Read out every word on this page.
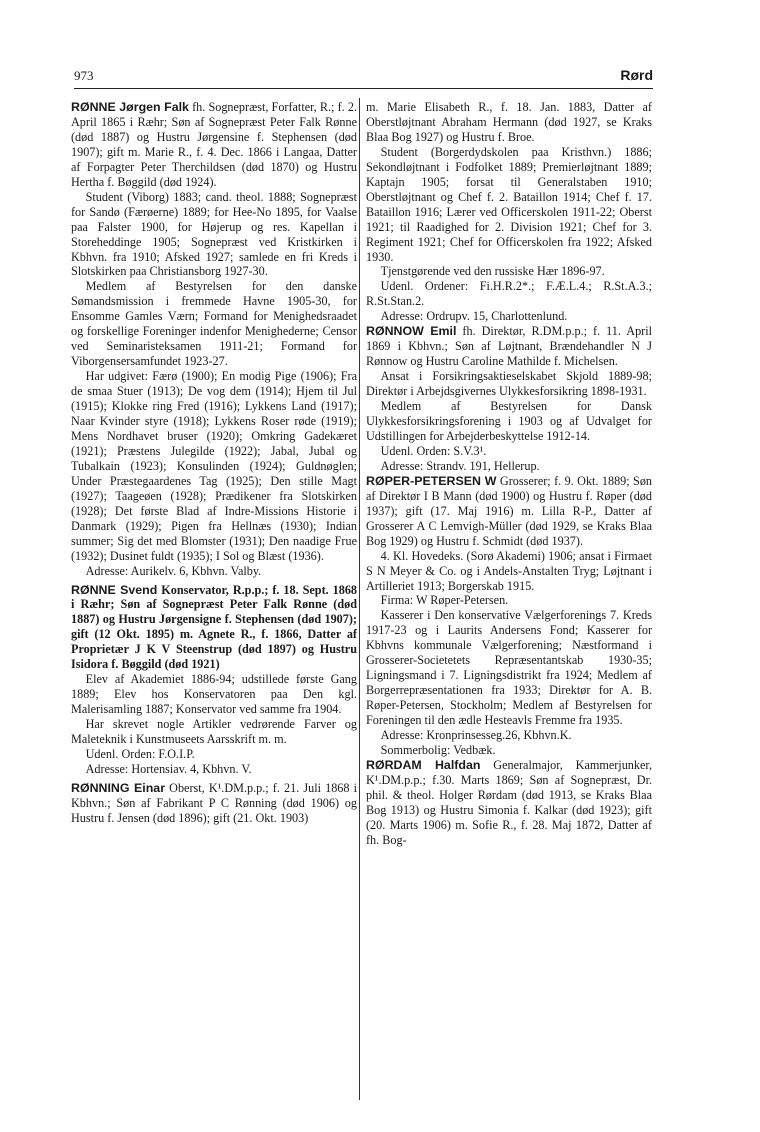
973	Rørd

RØNNE Jørgen Falk fh. Sognepræst, Forfatter, R.; f. 2. April 1865 i Ræhr; Søn af Sognepræst Peter Falk Rønne (død 1887) og Hustru Jørgensine f. Stephensen (død 1907); gift m. Marie R., f. 4. Dec. 1866 i Langaa, Datter af Forpagter Peter Therchildsen (død 1870) og Hustru Hertha f. Bøggild (død 1924).

Student (Viborg) 1883; cand. theol. 1888; Sognepræst for Sandø (Færøerne) 1889; for Hee-No 1895, for Vaalse paa Falster 1900, for Højerup og res. Kapellan i Storeheddinge 1905; Sognepræst ved Kristkirken i Kbhvn. fra 1910; Afsked 1927; samlede en fri Kreds i Slotskirken paa Christiansborg 1927-30.

Medlem af Bestyrelsen for den danske Sømandsmission i fremmede Havne 1905-30, for Ensomme Gamles Værn; Formand for Menighedsraadet og forskellige Foreninger indenfor Menighederne; Censor ved Seminaristeksamen 1911-21; Formand for Viborgensersamfundet 1923-27.

Har udgivet: Færø (1900); En modig Pige (1906); Fra de smaa Stuer (1913); De vog dem (1914); Hjem til Jul (1915); Klokke ring Fred (1916); Lykkens Land (1917); Naar Kvinder styre (1918); Lykkens Roser røde (1919); Mens Nordhavet bruser (1920); Omkring Gadekæret (1921); Præstens Julegilde (1922); Jabal, Jubal og Tubalkain (1923); Konsulinden (1924); Guldnøglen; Under Præstegaardenes Tag (1925); Den stille Magt (1927); Taageøen (1928); Prædikener fra Slotskirken (1928); Det første Blad af Indre-Missions Historie i Danmark (1929); Pigen fra Hellnæs (1930); Indian summer; Sig det med Blomster (1931); Den naadige Frue (1932); Dusinet fuldt (1935); I Sol og Blæst (1936).

Adresse: Aurikelv. 6, Kbhvn. Valby.

RØNNE Svend Konservator, R.p.p.; f. 18. Sept. 1868 i Ræhr; Søn af Sognepræst Peter Falk Rønne (død 1887) og Hustru Jørgensigne f. Stephensen (død 1907); gift (12 Okt. 1895) m. Agnete R., f. 1866, Datter af Proprietær J K V Steenstrup (død 1897) og Hustru Isidora f. Bøggild (død 1921)

Elev af Akademiet 1886-94; udstillede første Gang 1889; Elev hos Konservatoren paa Den kgl. Malerisamling 1887; Konservator ved samme fra 1904.

Har skrevet nogle Artikler vedrørende Farver og Maleteknik i Kunstmuseets Aarsskrift m. m.

Udenl. Orden: F.O.I.P.

Adresse: Hortensiav. 4, Kbhvn. V.

RØNNING Einar Oberst, K¹.DM.p.p.; f. 21. Juli 1868 i Kbhvn.; Søn af Fabrikant P C Rønning (død 1906) og Hustru f. Jensen (død 1896); gift (21. Okt. 1903)

m. Marie Elisabeth R., f. 18. Jan. 1883, Datter af Oberstløjtnant Abraham Hermann (død 1927, se Kraks Blaa Bog 1927) og Hustru f. Broe.

Student (Borgerdydskolen paa Kristhvn.) 1886; Sekondløjtnant i Fodfolket 1889; Premierløjtnant 1889; Kaptajn 1905; forsat til Generalstaben 1910; Oberstløjtnant og Chef f. 2. Bataillon 1914; Chef f. 17. Bataillon 1916; Lærer ved Officerskolen 1911-22; Oberst 1921; til Raadighed for 2. Division 1921; Chef for 3. Regiment 1921; Chef for Officerskolen fra 1922; Afsked 1930.

Tjenstgørende ved den russiske Hær 1896-97.

Udenl. Ordener: Fi.H.R.2*.; F.Æ.L.4.; R.St.A.3.; R.St.Stan.2.

Adresse: Ordrupv. 15, Charlottenlund.

RØNNOW Emil fh. Direktør, R.DM.p.p.; f. 11. April 1869 i Kbhvn.; Søn af Løjtnant, Brændehandler N J Rønnow og Hustru Caroline Mathilde f. Michelsen.

Ansat i Forsikringsaktieselskabet Skjold 1889-98; Direktør i Arbejdsgivernes Ulykkesforsikring 1898-1931.

Medlem af Bestyrelsen for Dansk Ulykkesforsikringsforening i 1903 og af Udvalget for Udstillingen for Arbejderbeskyttelse 1912-14.

Udenl. Orden: S.V.3¹.

Adresse: Strandv. 191, Hellerup.

RØPER-PETERSEN W Grosserer; f. 9. Okt. 1889; Søn af Direktør I B Mann (død 1900) og Hustru f. Røper (død 1937); gift (17. Maj 1916) m. Lilla R-P., Datter af Grosserer A C Lemvigh-Müller (død 1929, se Kraks Blaa Bog 1929) og Hustru f. Schmidt (død 1937).

4. Kl. Hovedeks. (Sorø Akademi) 1906; ansat i Firmaet S N Meyer & Co. og i Andels-Anstalten Tryg; Løjtnant i Artilleriet 1913; Borgerskab 1915.

Firma: W Røper-Petersen.

Kasserer i Den konservative Vælgerforenings 7. Kreds 1917-23 og i Laurits Andersens Fond; Kasserer for Kbhvns kommunale Vælgerforening; Næstformand i Grosserer-Societetets Repræsentantskab 1930-35; Ligningsmand i 7. Ligningsdistrikt fra 1924; Medlem af Borgerrepræsentationen fra 1933; Direktør for A. B. Røper-Petersen, Stockholm; Medlem af Bestyrelsen for Foreningen til den ædle Hesteavls Fremme fra 1935.

Adresse: Kronprinsesseg.26, Kbhvn.K.

Sommerbolig: Vedbæk.

RØRDAM Halfdan Generalmajor, Kammerjunker, K¹.DM.p.p.; f.30. Marts 1869; Søn af Sognepræst, Dr. phil. & theol. Holger Rørdam (død 1913, se Kraks Blaa Bog 1913) og Hustru Simonia f. Kalkar (død 1923); gift (20. Marts 1906) m. Sofie R., f. 28. Maj 1872, Datter af fh. Bog-
